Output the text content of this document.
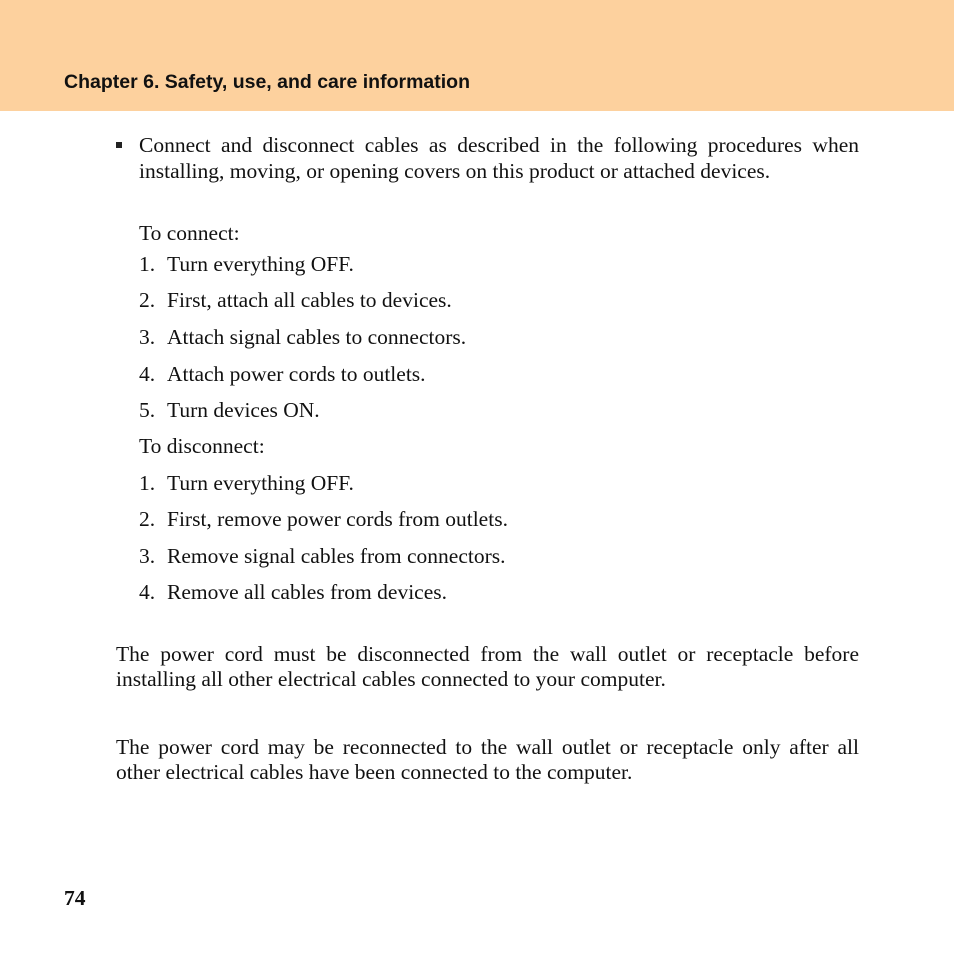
Chapter 6. Safety, use, and care information
Connect and disconnect cables as described in the following procedures when installing, moving, or opening covers on this product or attached devices.
To connect:
1. Turn everything OFF.
2. First, attach all cables to devices.
3. Attach signal cables to connectors.
4. Attach power cords to outlets.
5. Turn devices ON.
To disconnect:
1. Turn everything OFF.
2. First, remove power cords from outlets.
3. Remove signal cables from connectors.
4. Remove all cables from devices.
The power cord must be disconnected from the wall outlet or receptacle before installing all other electrical cables connected to your computer.
The power cord may be reconnected to the wall outlet or receptacle only after all other electrical cables have been connected to the computer.
74
